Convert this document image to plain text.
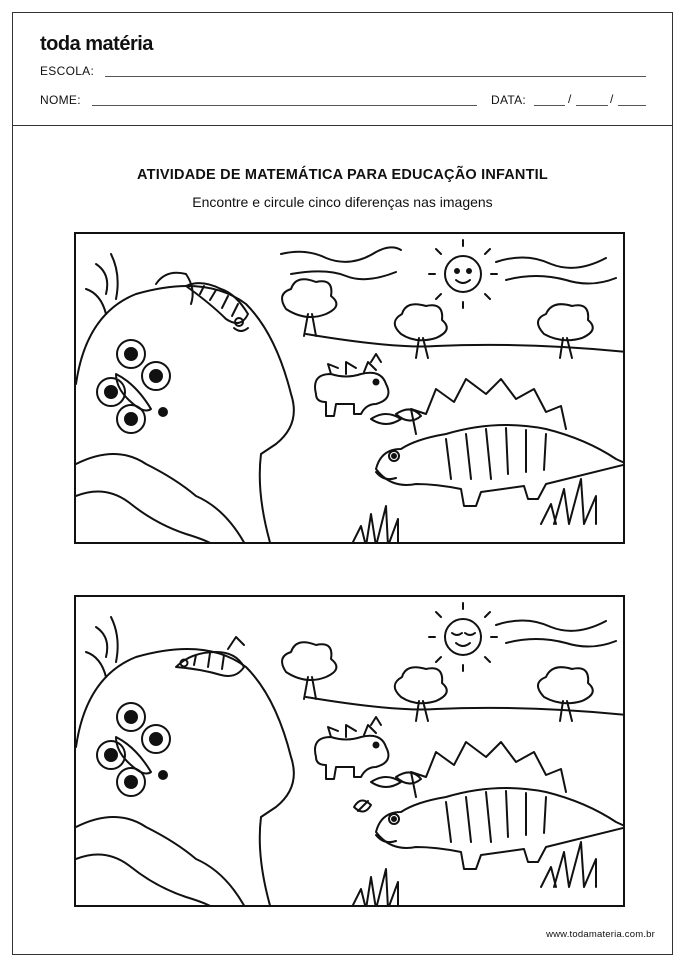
toda matéria
ESCOLA:
NOME:	DATA:	/	/
ATIVIDADE DE MATEMÁTICA PARA EDUCAÇÃO INFANTIL
Encontre e circule cinco diferenças nas imagens
www.todamateria.com.br
